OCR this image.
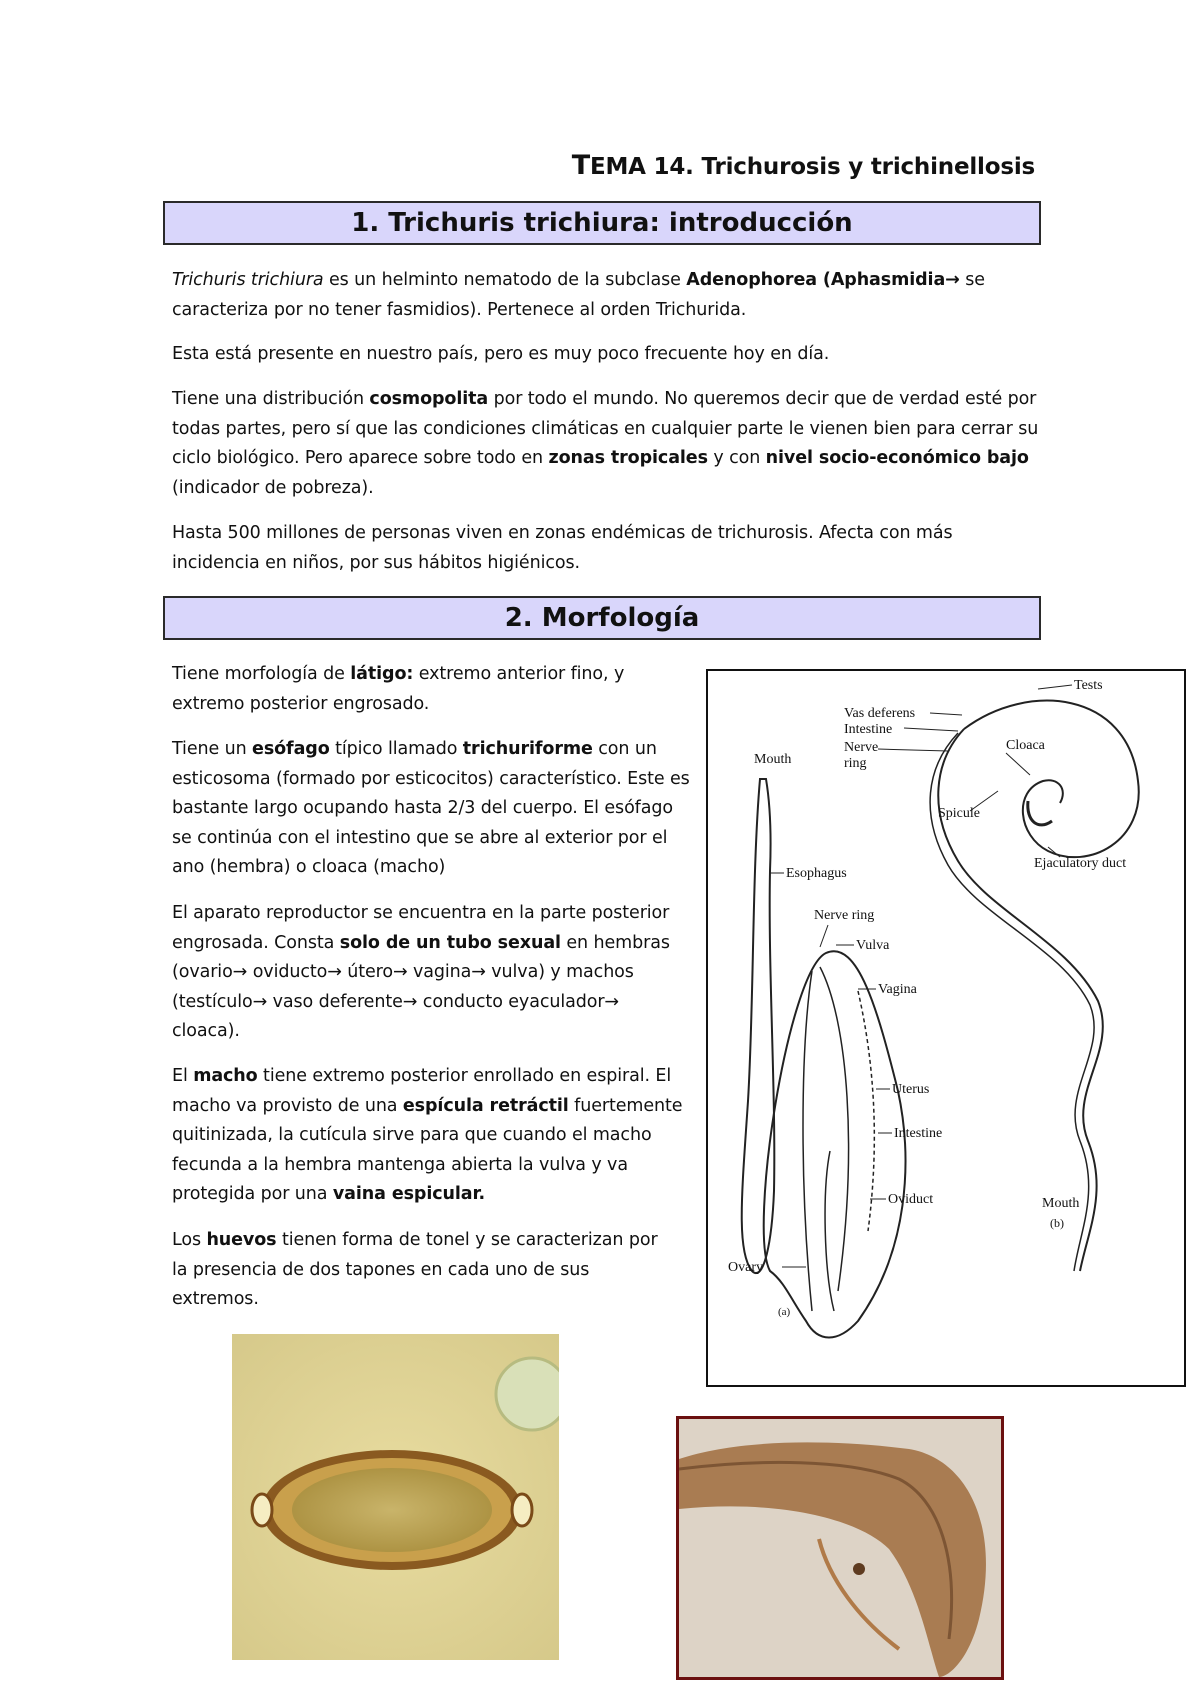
TEMA 14. Trichurosis y trichinellosis
1. Trichuris trichiura: introducción

Trichuris trichiura es un helminto nematodo de la subclase Adenophorea (Aphasmidia→ se caracteriza por no tener fasmidios). Pertenece al orden Trichurida.

Esta está presente en nuestro país, pero es muy poco frecuente hoy en día.

Tiene una distribución cosmopolita por todo el mundo. No queremos decir que de verdad esté por todas partes, pero sí que las condiciones climáticas en cualquier parte le vienen bien para cerrar su ciclo biológico. Pero aparece sobre todo en zonas tropicales y con nivel socio-económico bajo (indicador de pobreza).

Hasta 500 millones de personas viven en zonas endémicas de trichurosis. Afecta con más incidencia en niños, por sus hábitos higiénicos.

2. Morfología

Tiene morfología de látigo: extremo anterior fino, y extremo posterior engrosado.

Tiene un esófago típico llamado trichuriforme con un esticosoma (formado por esticocitos) característico. Este es bastante largo ocupando hasta 2/3 del cuerpo. El esófago se continúa con el intestino que se abre al exterior por el ano (hembra) o cloaca (macho)

El aparato reproductor se encuentra en la parte posterior engrosada. Consta solo de un tubo sexual en hembras (ovario→ oviducto→ útero→ vagina→ vulva) y machos (testículo→ vaso deferente→ conducto eyaculador→ cloaca).

El macho tiene extremo posterior enrollado en espiral. El macho va provisto de una espícula retráctil fuertemente quitinizada, la cutícula sirve para que cuando el macho fecunda a la hembra mantenga abierta la vulva y va protegida por una vaina espicular.

Los huevos tienen forma de tonel y se caracterizan por la presencia de dos tapones en cada uno de sus extremos.

Tests
Vas deferens
Intestine
Nerve
ring
Cloaca
Mouth
Spicule
Ejaculatory duct
Esophagus
Nerve ring
Vulva
Vagina
Uterus
Intestine
Oviduct	Mouth
(b)
Ovary
(a)
